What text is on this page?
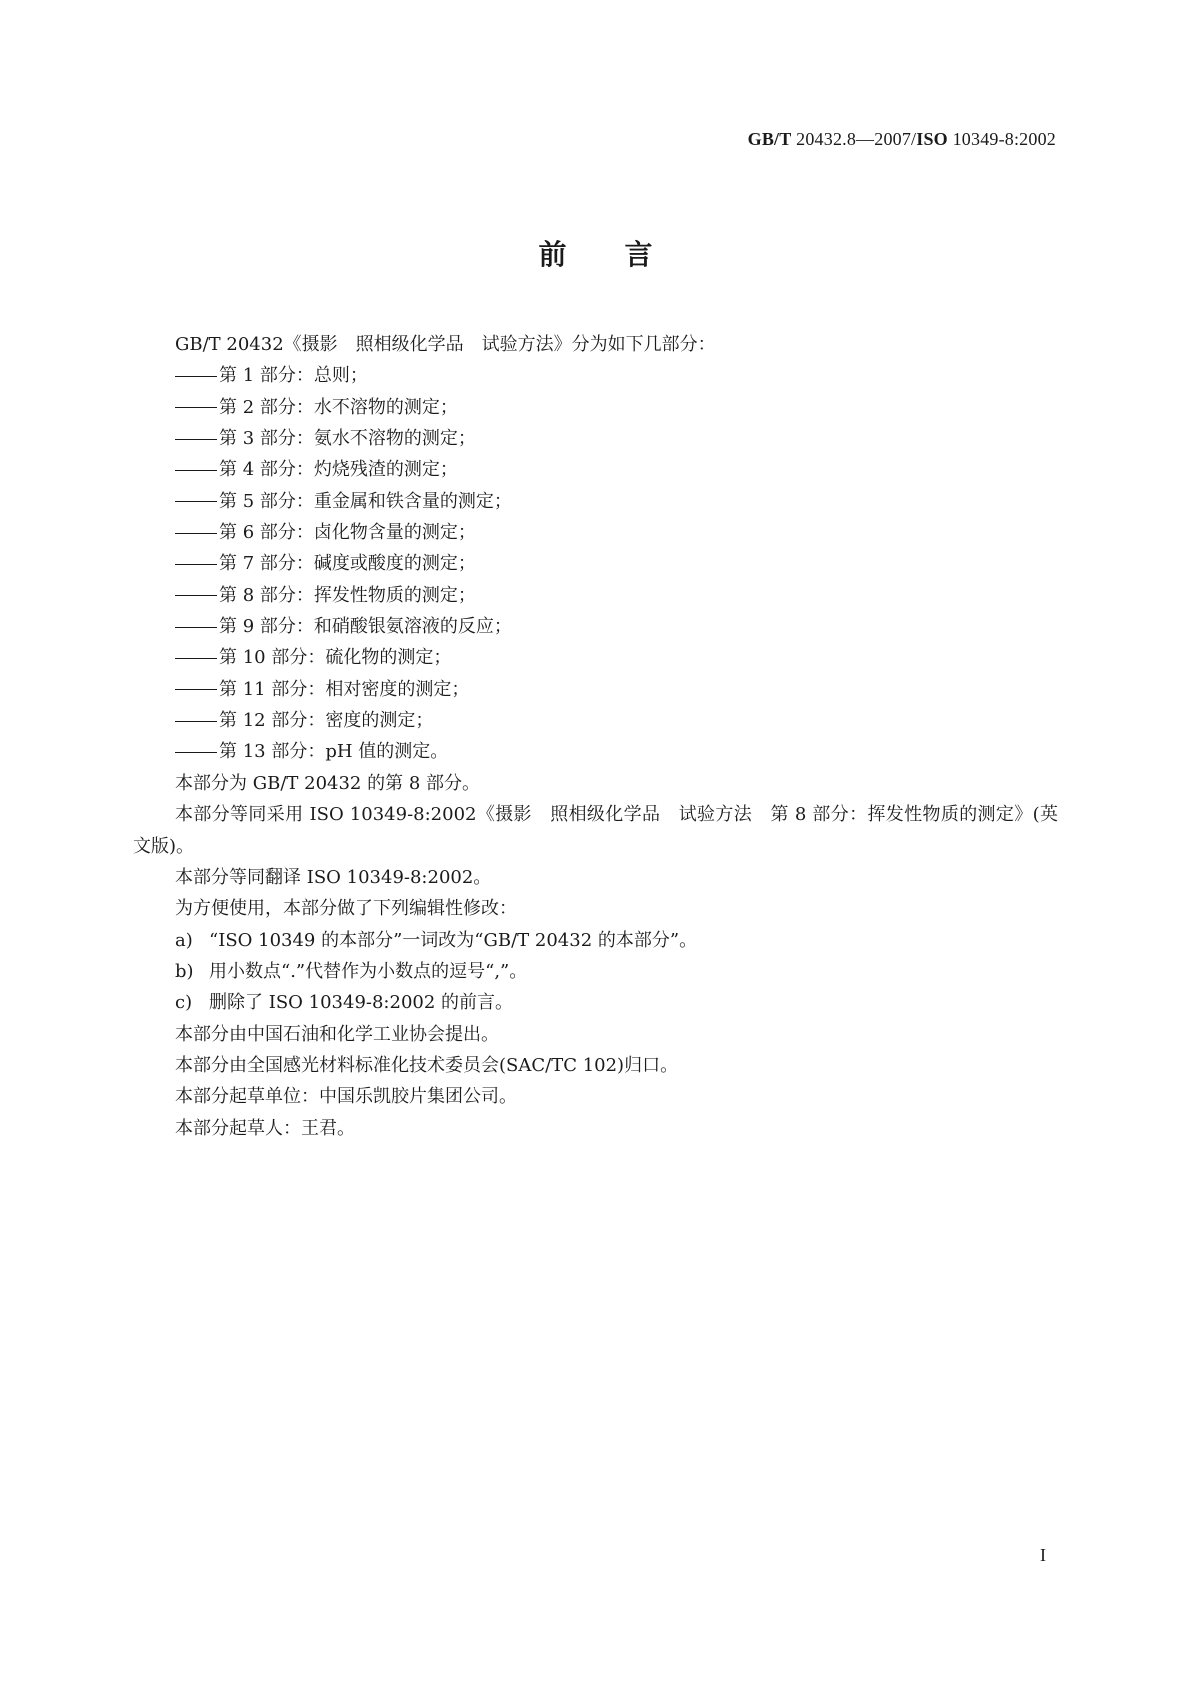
GB/T 20432.8—2007/ISO 10349-8:2002
前言

GB/T 20432《摄影　照相级化学品　试验方法》分为如下几部分：

第 1 部分：总则；

第 2 部分：水不溶物的测定；

第 3 部分：氨水不溶物的测定；

第 4 部分：灼烧残渣的测定；

第 5 部分：重金属和铁含量的测定；

第 6 部分：卤化物含量的测定；

第 7 部分：碱度或酸度的测定；

第 8 部分：挥发性物质的测定；

第 9 部分：和硝酸银氨溶液的反应；

第 10 部分：硫化物的测定；

第 11 部分：相对密度的测定；

第 12 部分：密度的测定；

第 13 部分：pH 值的测定。

本部分为 GB/T 20432 的第 8 部分。

本部分等同采用 ISO 10349-8:2002《摄影　照相级化学品　试验方法　第 8 部分：挥发性物质的测定》(英文版)。

本部分等同翻译 ISO 10349-8:2002。

为方便使用，本部分做了下列编辑性修改：

a) “ISO 10349 的本部分”一词改为“GB/T 20432 的本部分”。

b) 用小数点“.”代替作为小数点的逗号“,”。

c) 删除了 ISO 10349-8:2002 的前言。

本部分由中国石油和化学工业协会提出。

本部分由全国感光材料标准化技术委员会(SAC/TC 102)归口。

本部分起草单位：中国乐凯胶片集团公司。

本部分起草人：王君。

I
